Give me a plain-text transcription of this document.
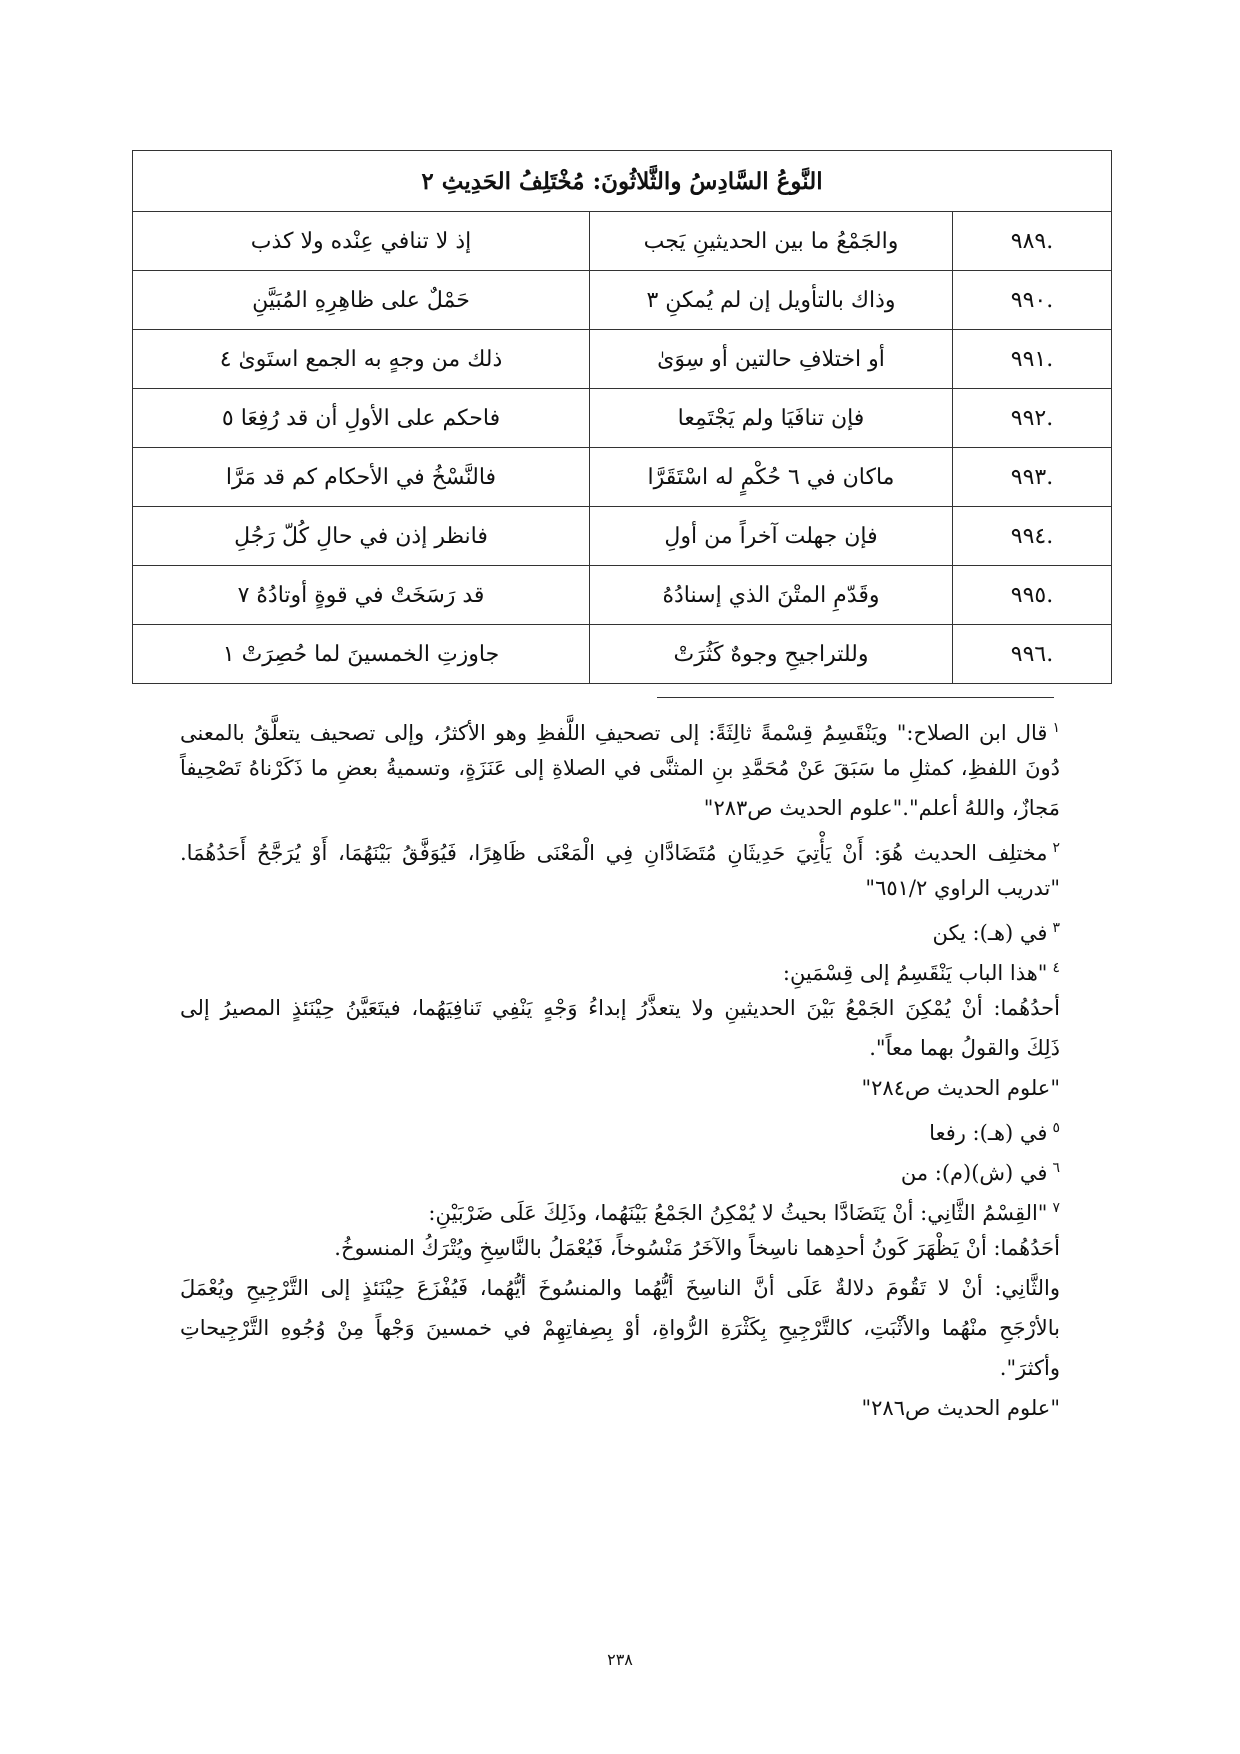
النَّوعُ السَّادِسُ والثَّلاثُونَ: مُخْتَلِفُ الحَدِيثِ ٢		
.٩٨٩	والجَمْعُ ما بين الحديثينِ يَجب	إذ لا تنافي عِنْده ولا كذب
.٩٩٠	وذاك بالتأويل إن لم يُمكنِ ٣	حَمْلٌ على ظاهِرِهِ المُبَيَّنِ
.٩٩١	أو اختلافِ حالتين أو سِوَىٰ	ذلك من وجهٍ به الجمع استَوىٰ ٤
.٩٩٢	فإن تنافَيَا ولم يَجْتَمِعا	فاحكم على الأولِ أن قد رُفِعَا ٥
.٩٩٣	ماكان في ٦ حُكْمٍ له اسْتَقَرَّا	فالنَّسْخُ في الأحكام كم قد مَرَّا
.٩٩٤	فإن جهلت آخراً من أولِ	فانظر إذن في حالِ كُلّ رَجُلِ
.٩٩٥	وقَدّمِ المتْنَ الذي إسنادُهُ	قد رَسَخَتْ في قوةٍ أوتادُهُ ٧
.٩٩٦	وللتراجيحِ وجوهٌ كَثُرَتْ	جاوزتِ الخمسينَ لما حُصِرَتْ ١
$^١$قال ابن الصلاح:" ويَنْقَسِمُ قِسْمةً ثالِثَةً: إلى تصحيفِ اللَّفظِ وهو الأكثرُ، وإلى تصحيف يتعلَّقُ بالمعنى
دُونَ اللفظِ، كمثلِ ما سَبَقَ عَنْ مُحَمَّدِ بنِ المثنَّى في الصلاةِ إلى عَنَزَةٍ، وتسميةُ بعضِ ما ذَكَرْناهُ تَصْحِيفاً
مَجازٌ، واللهُ أعلم"."علوم الحديث ص٢٨٣"
$^٢$مختلِف الحديث هُوَ: أَنْ يَأْتِيَ حَدِيثَانِ مُتَضَادَّانِ فِي الْمَعْنَى ظَاهِرًا، فَيُوَفَّقُ بَيْنَهُمَا، أَوْ يُرَجَّحُ أَحَدُهُمَا.
"تدريب الراوي ٦٥١/٢"
$^٣$في (هـ): يكن
$^٤$"هذا الباب يَنْقَسِمُ إلى قِسْمَينِ:
أحدُهُما: أنْ يُمْكِنَ الجَمْعُ بَيْنَ الحديثينِ ولا يتعذَّرُ إبداءُ وَجْهٍ يَنْفِي تَنافِيَهُما، فيتَعَيَّنُ حِيْنَئذٍ المصيرُ إلى
ذَلِكَ والقولُ بهما معاً".
"علوم الحديث ص٢٨٤"
$^٥$في (هـ): رفعا
$^٦$في (ش)(م): من
$^٧$"القِسْمُ الثَّانِي: أنْ يَتَضَادَّا بحيثُ لا يُمْكِنُ الجَمْعُ بَيْنَهُما، وذَلِكَ عَلَى ضَرْبَيْنِ:
أحَدُهُما: أنْ يَظْهَرَ كَونُ أحدِهما ناسِخاً والآخَرُ مَنْسُوخاً، فَيُعْمَلُ بالنَّاسِخِ ويُتْرَكُ المنسوخُ.
والثَّانِي: أنْ لا تَقُومَ دلالةٌ عَلَى أنَّ الناسِخَ أيُّهُما والمنسُوخَ أيُّهُما، فَيُفْزَعَ حِيْنَئذٍ إلى التَّرْجِيحِ ويُعْمَلَ
بالأرْجَحِ منْهُما والأثْبَتِ، كالتَّرْجِيحِ بِكَثْرَةِ الرُّواةِ، أوْ بِصِفاتِهِمْ في خمسينَ وَجْهاً مِنْ وُجُوهِ التَّرْجِيحاتِ
وأكثرَ".
"علوم الحديث ص٢٨٦"
٢٣٨
